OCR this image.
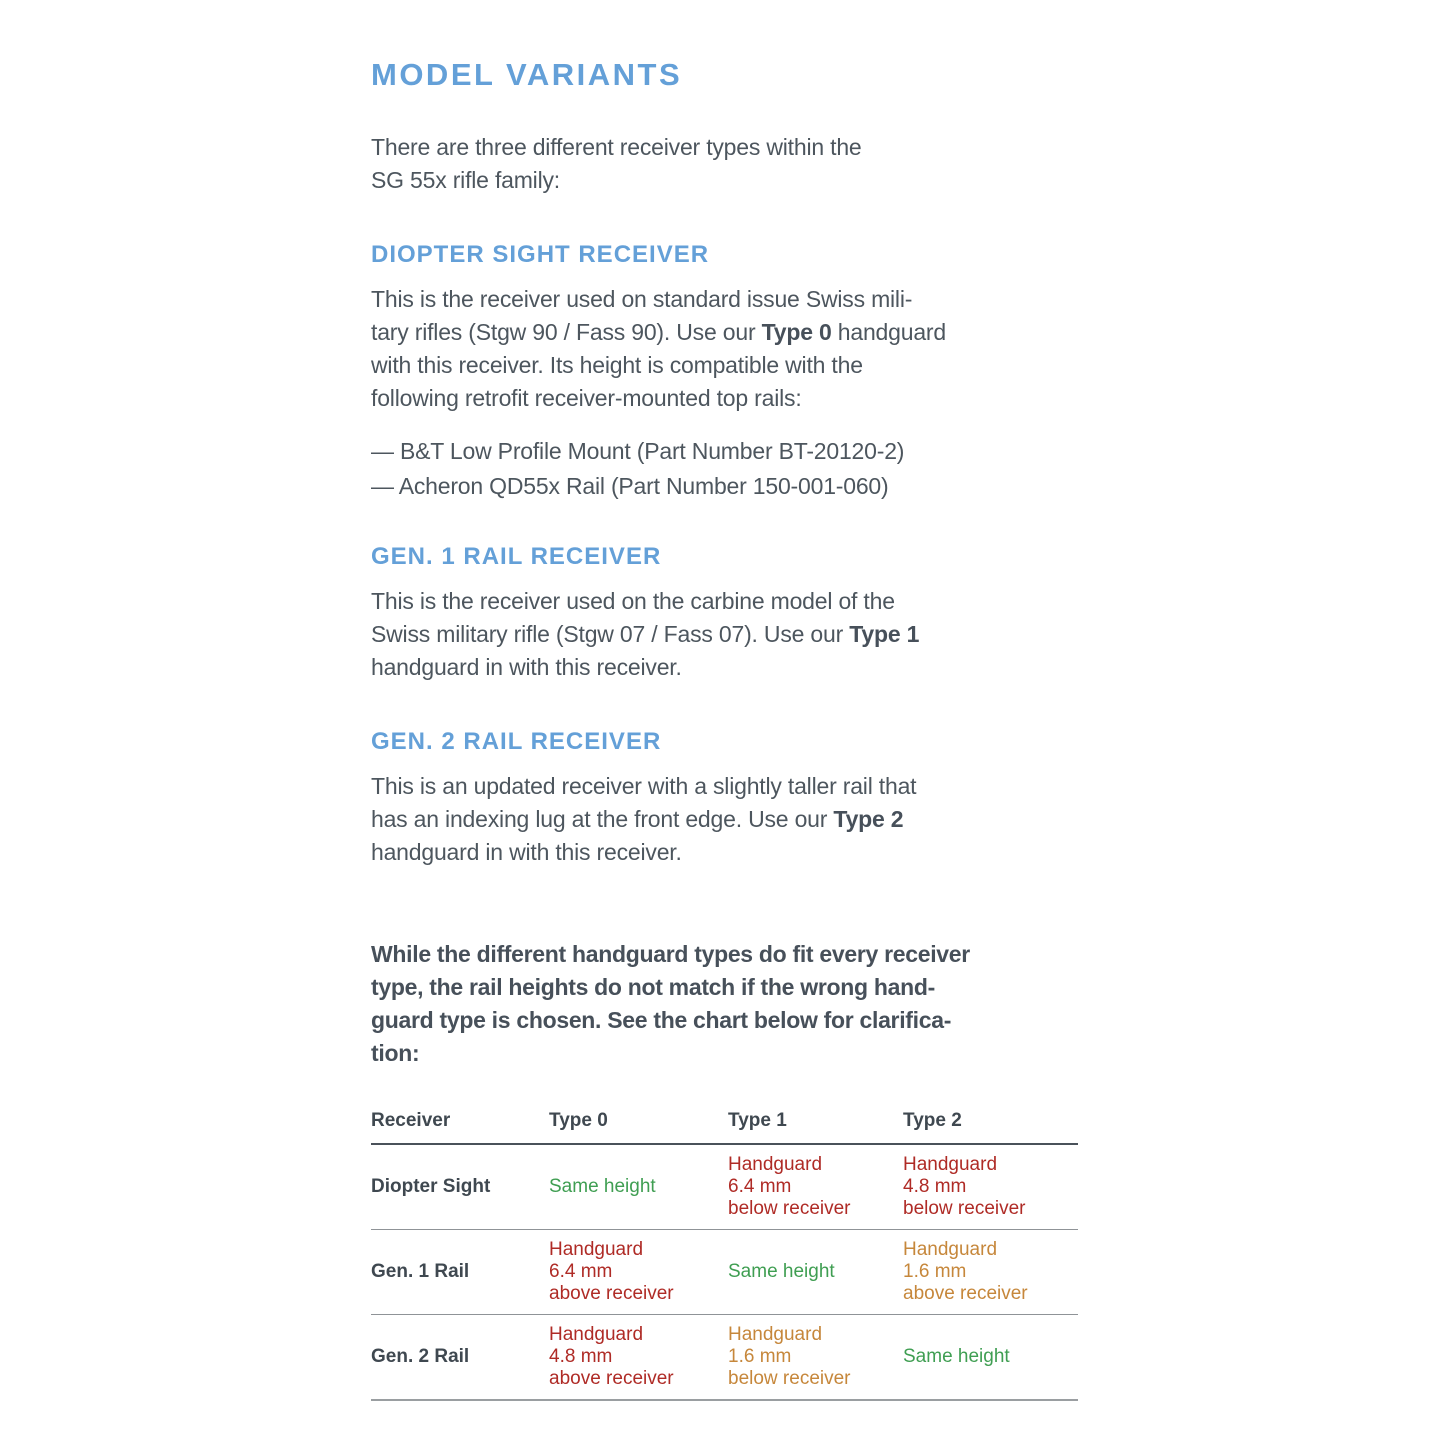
MODEL VARIANTS

There are three different receiver types within the
SG 55x rifle family:

DIOPTER SIGHT RECEIVER

This is the receiver used on standard issue Swiss mili-
tary rifles (Stgw 90 / Fass 90). Use our Type 0 handguard
with this receiver. Its height is compatible with the
following retrofit receiver-mounted top rails:

— B&T Low Profile Mount (Part Number BT-20120-2)
— Acheron QD55x Rail (Part Number 150-001-060)
GEN. 1 RAIL RECEIVER

This is the receiver used on the carbine model of the
Swiss military rifle (Stgw 07 / Fass 07). Use our Type 1
handguard in with this receiver.

GEN. 2 RAIL RECEIVER

This is an updated receiver with a slightly taller rail that
has an indexing lug at the front edge. Use our Type 2
handguard in with this receiver.

While the different handguard types do fit every receiver
type, the rail heights do not match if the wrong hand-
guard type is chosen. See the chart below for clarifica-
tion:

Receiver	Type 0	Type 1	Type 2
Diopter Sight	Same height	Handguard
6.4 mm
below receiver	Handguard
4.8 mm
below receiver
Gen. 1 Rail	Handguard
6.4 mm
above receiver	Same height	Handguard
1.6 mm
above receiver
Gen. 2 Rail	Handguard
4.8 mm
above receiver	Handguard
1.6 mm
below receiver	Same height
